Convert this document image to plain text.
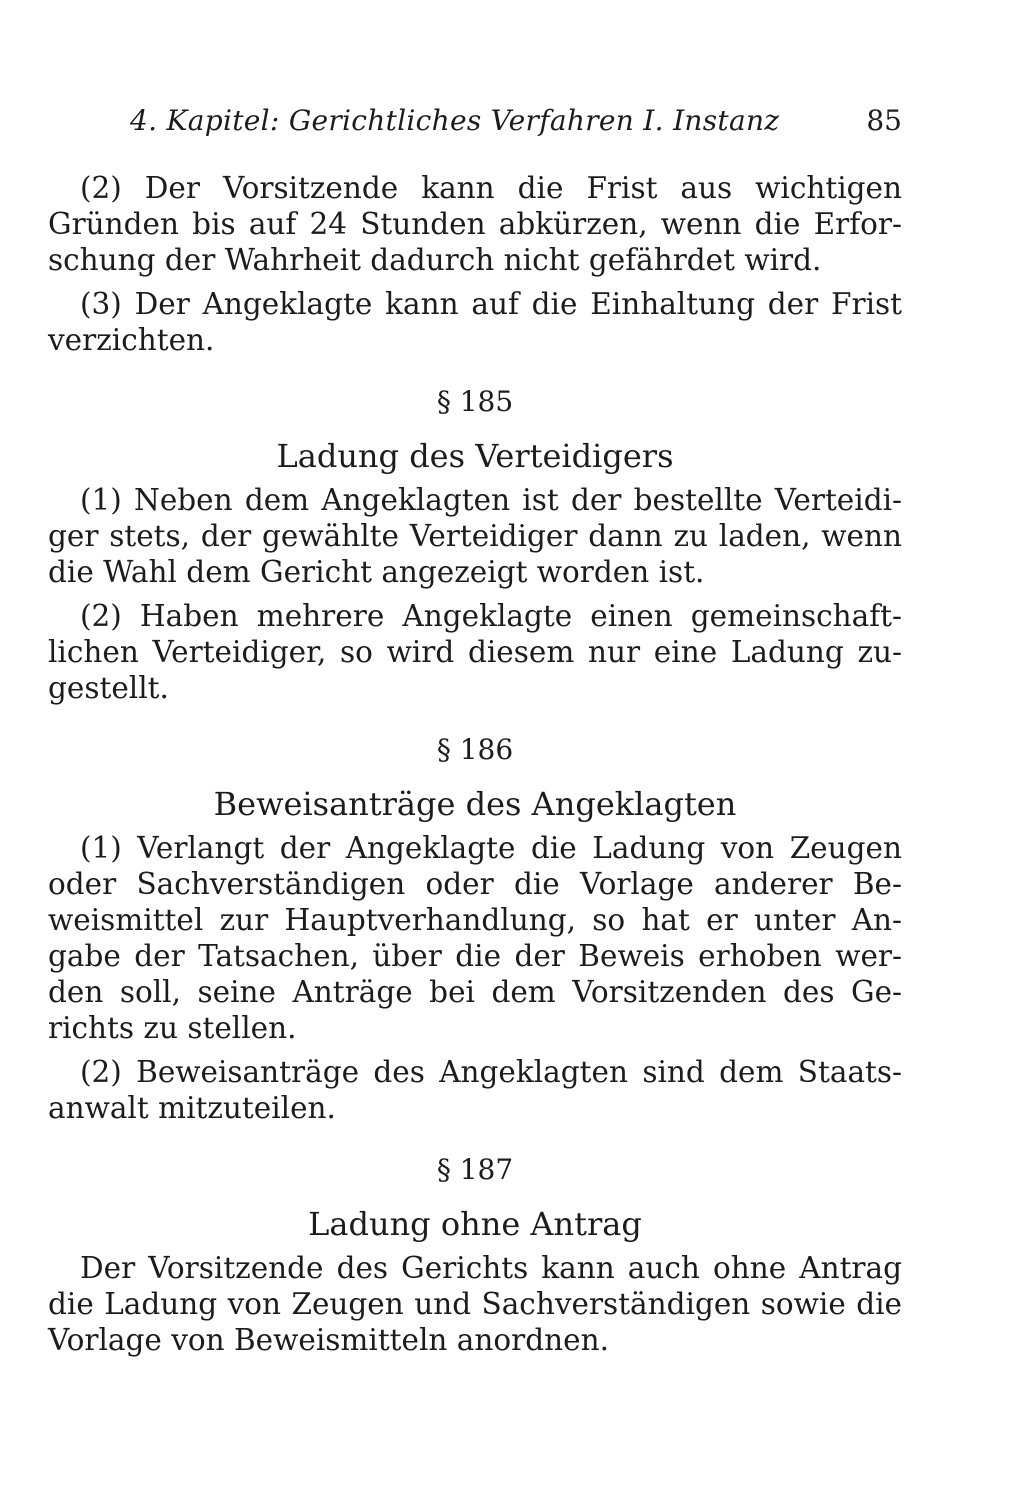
4. Kapitel: Gerichtliches Verfahren I. Instanz	85
(2) Der Vorsitzende kann die Frist aus wichtigen
Gründen bis auf 24 Stunden abkürzen, wenn die Erfor-
schung der Wahrheit dadurch nicht gefährdet wird.
(3) Der Angeklagte kann auf die Einhaltung der Frist
verzichten.
§ 185
Ladung des Verteidigers
(1) Neben dem Angeklagten ist der bestellte Verteidi-
ger stets, der gewählte Verteidiger dann zu laden, wenn
die Wahl dem Gericht angezeigt worden ist.
(2) Haben mehrere Angeklagte einen gemeinschaft-
lichen Verteidiger, so wird diesem nur eine Ladung zu-
gestellt.
§ 186
Beweisanträge des Angeklagten
(1) Verlangt der Angeklagte die Ladung von Zeugen
oder Sachverständigen oder die Vorlage anderer Be-
weismittel zur Hauptverhandlung, so hat er unter An-
gabe der Tatsachen, über die der Beweis erhoben wer-
den soll, seine Anträge bei dem Vorsitzenden des Ge-
richts zu stellen.
(2) Beweisanträge des Angeklagten sind dem Staats-
anwalt mitzuteilen.
§ 187
Ladung ohne Antrag
Der Vorsitzende des Gerichts kann auch ohne Antrag
die Ladung von Zeugen und Sachverständigen sowie die
Vorlage von Beweismitteln anordnen.
